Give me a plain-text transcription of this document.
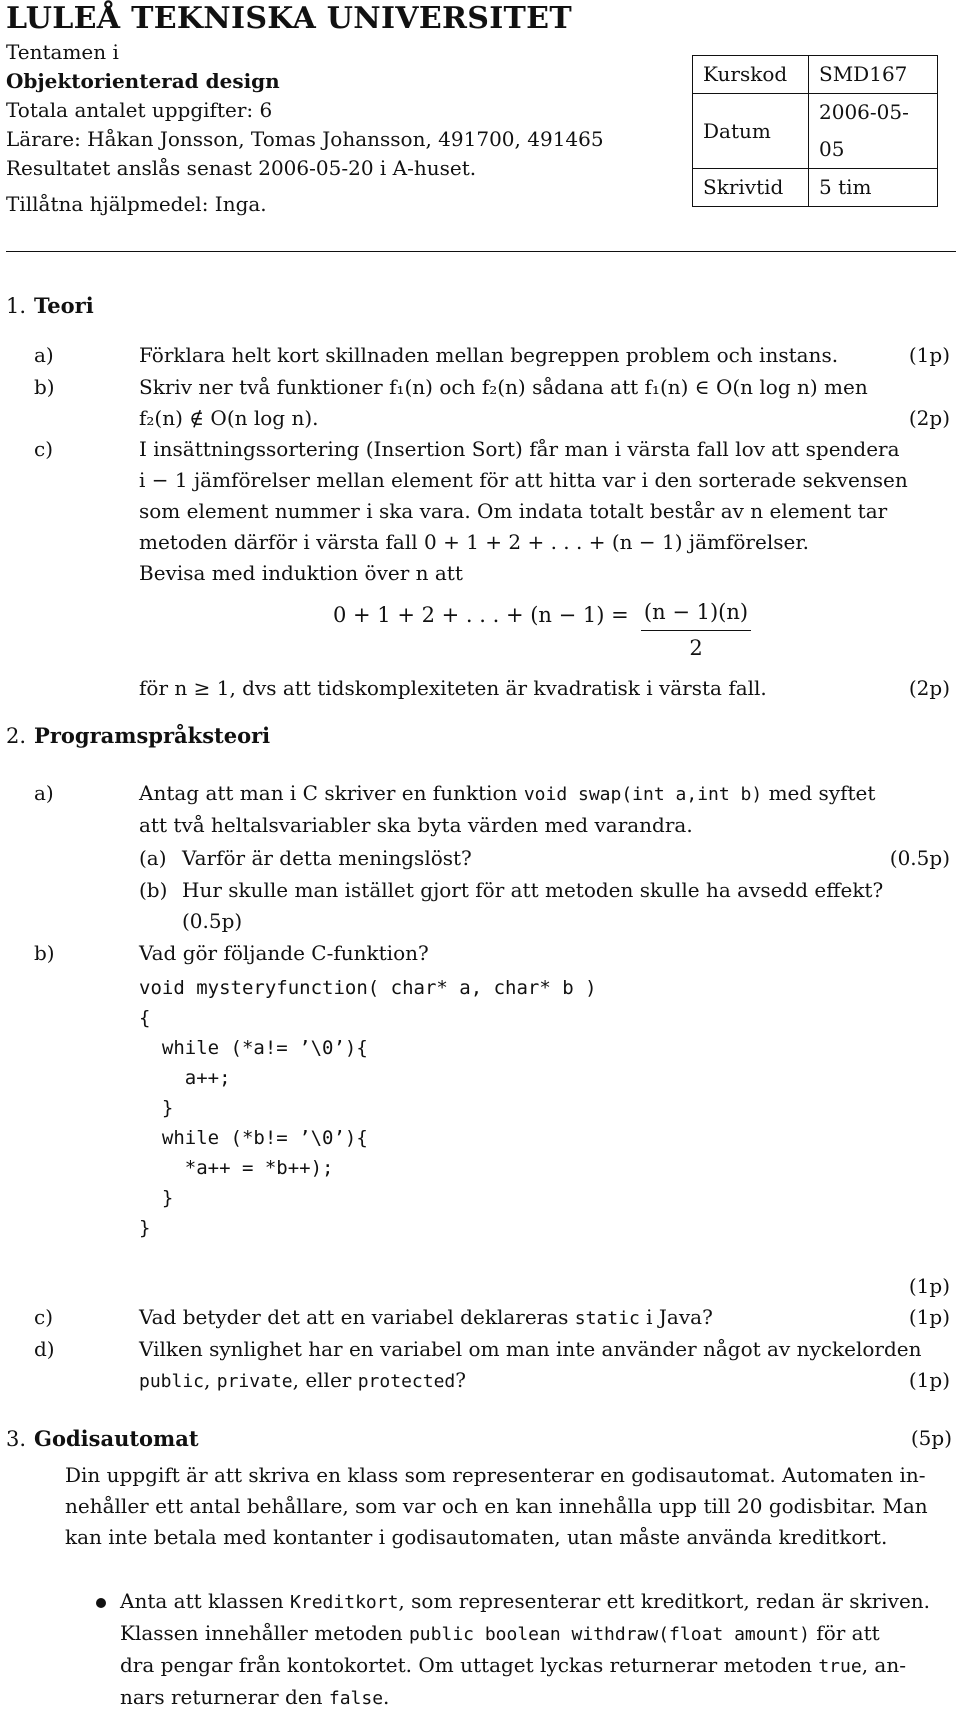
LULEÅ TEKNISKA UNIVERSITET
Tentamen i
Objektorienterad design
Totala antalet uppgifter: 6
Lärare: Håkan Jonsson, Tomas Johansson, 491700, 491465
Resultatet anslås senast 2006-05-20 i A-huset.
Tillåtna hjälpmedel: Inga.
Kurskod	SMD167
Datum	2006-05-05
Skrivtid	5 tim
1. Teori
a)	Förklara helt kort skillnaden mellan begreppen problem och instans.	(1p)
b)	Skriv ner två funktioner f₁(n) och f₂(n) sådana att f₁(n) ∈ O(n log n) men
f₂(n) ∉ O(n log n).	(2p)
c)	I insättningssortering (Insertion Sort) får man i värsta fall lov att spendera
i − 1 jämförelser mellan element för att hitta var i den sorterade sekvensen
som element nummer i ska vara. Om indata totalt består av n element tar
metoden därför i värsta fall 0 + 1 + 2 + . . . + (n − 1) jämförelser.
Bevisa med induktion över n att
0 + 1 + 2 + . . . + (n − 1) = (n − 1)(n)
2
för n ≥ 1, dvs att tidskomplexiteten är kvadratisk i värsta fall.	(2p)
2. Programspråksteori
a)	Antag att man i C skriver en funktion void swap(int a,int b) med syftet
att två heltalsvariabler ska byta värden med varandra.
(a) Varför är detta meningslöst?	(0.5p)
(b) Hur skulle man istället gjort för att metoden skulle ha avsedd effekt?
(0.5p)
b)	Vad gör följande C-funktion?
void mysteryfunction( char* a, char* b )
{
while (*a!= ’\0’){
a++;
}
while (*b!= ’\0’){
*a++ = *b++);
}
}
(1p)
c)	Vad betyder det att en variabel deklareras static i Java?	(1p)
d)	Vilken synlighet har en variabel om man inte använder något av nyckelorden
public, private, eller protected?	(1p)
3. Godisautomat	(5p)
Din uppgift är att skriva en klass som representerar en godisautomat. Automaten in-
nehåller ett antal behållare, som var och en kan innehålla upp till 20 godisbitar. Man
kan inte betala med kontanter i godisautomaten, utan måste använda kreditkort.
Anta att klassen Kreditkort, som representerar ett kreditkort, redan är skriven.
Klassen innehåller metoden public boolean withdraw(float amount) för att
dra pengar från kontokortet. Om uttaget lyckas returnerar metoden true, an-
nars returnerar den false.
